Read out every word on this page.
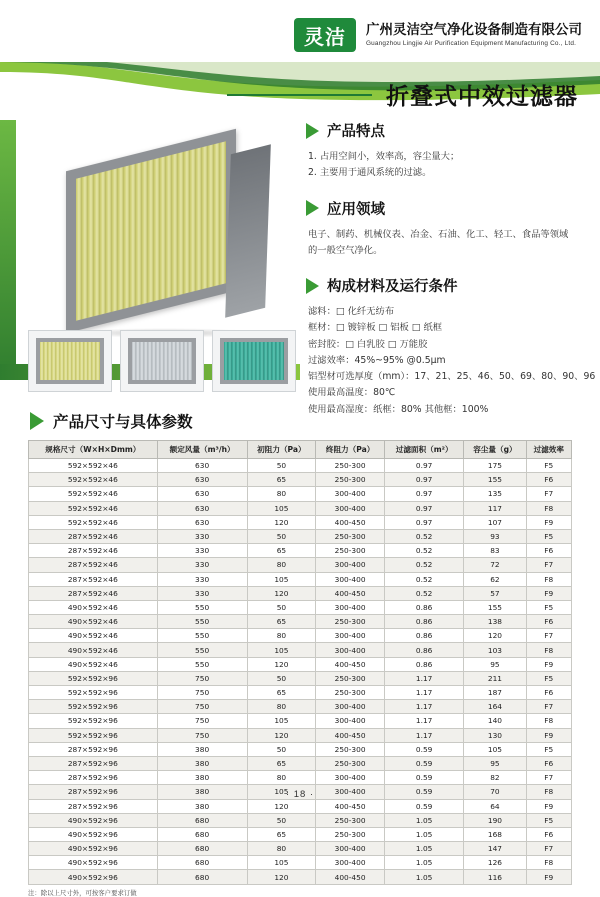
灵洁	广州灵洁空气净化设备制造有限公司
Guangzhou Lingjie Air Purification Equipment Manufacturing Co., Ltd.
折叠式中效过滤器
产品特点
1. 占用空间小，效率高，容尘量大；
2. 主要用于通风系统的过滤。
应用领域
电子、制药、机械仪表、冶金、石油、化工、轻工、食品等领域
的一般空气净化。
构成材料及运行条件
滤料：□ 化纤无纺布
框材：□ 镀锌板 □ 铝板 □ 纸框
密封胶：□ 白乳胶 □ 万能胶
过滤效率：45%~95% @0.5μm
铝型材可选厚度（mm）：17、21、25、46、50、69、80、90、96
使用最高温度：80℃
使用最高湿度：纸框：80% 其他框：100%
产品尺寸与具体参数
规格尺寸（W×H×Dmm）	额定风量（m³/h）	初阻力（Pa）	终阻力（Pa）	过滤面积（m²）	容尘量（g）	过滤效率
592×592×46	630	50	250-300	0.97	175	F5
592×592×46	630	65	250-300	0.97	155	F6
592×592×46	630	80	300-400	0.97	135	F7
592×592×46	630	105	300-400	0.97	117	F8
592×592×46	630	120	400-450	0.97	107	F9
287×592×46	330	50	250-300	0.52	93	F5
287×592×46	330	65	250-300	0.52	83	F6
287×592×46	330	80	300-400	0.52	72	F7
287×592×46	330	105	300-400	0.52	62	F8
287×592×46	330	120	400-450	0.52	57	F9
490×592×46	550	50	300-400	0.86	155	F5
490×592×46	550	65	250-300	0.86	138	F6
490×592×46	550	80	300-400	0.86	120	F7
490×592×46	550	105	300-400	0.86	103	F8
490×592×46	550	120	400-450	0.86	95	F9
592×592×96	750	50	250-300	1.17	211	F5
592×592×96	750	65	250-300	1.17	187	F6
592×592×96	750	80	300-400	1.17	164	F7
592×592×96	750	105	300-400	1.17	140	F8
592×592×96	750	120	400-450	1.17	130	F9
287×592×96	380	50	250-300	0.59	105	F5
287×592×96	380	65	250-300	0.59	95	F6
287×592×96	380	80	300-400	0.59	82	F7
287×592×96	380	105	300-400	0.59	70	F8
287×592×96	380	120	400-450	0.59	64	F9
490×592×96	680	50	250-300	1.05	190	F5
490×592×96	680	65	250-300	1.05	168	F6
490×592×96	680	80	300-400	1.05	147	F7
490×592×96	680	105	300-400	1.05	126	F8
490×592×96	680	120	400-450	1.05	116	F9
注：除以上尺寸外，可按客户要求订做
· 18 ·
